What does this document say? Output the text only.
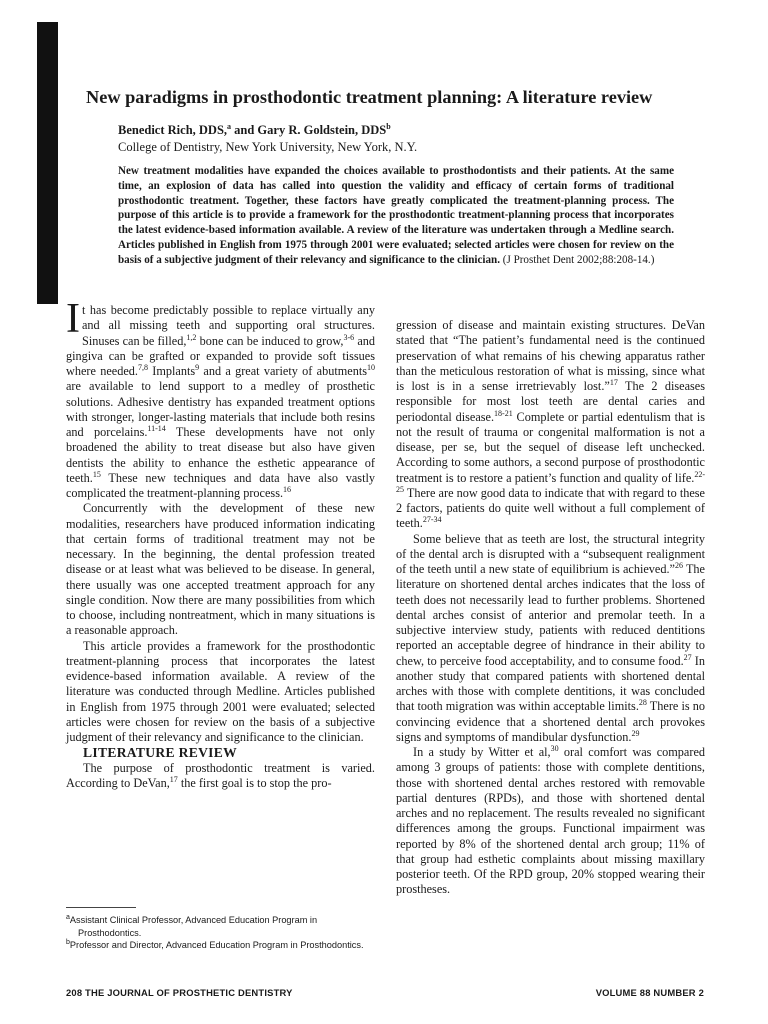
New paradigms in prosthodontic treatment planning: A literature review
Benedict Rich, DDS,$^a$ and Gary R. Goldstein, DDS$^b$
College of Dentistry, New York University, New York, N.Y.
New treatment modalities have expanded the choices available to prosthodontists and their patients. At the same time, an explosion of data has called into question the validity and efficacy of certain forms of traditional prosthodontic treatment. Together, these factors have greatly complicated the treatment-planning process. The purpose of this article is to provide a framework for the prosthodontic treatment-planning process that incorporates the latest evidence-based information available. A review of the literature was undertaken through a Medline search. Articles published in English from 1975 through 2001 were evaluated; selected articles were chosen for review on the basis of a subjective judgment of their relevancy and significance to the clinician. (J Prosthet Dent 2002;88:208-14.)

It has become predictably possible to replace virtually any and all missing teeth and supporting oral structures. Sinuses can be filled,$^{1,2}$ bone can be induced to grow,$^{3-6}$ and gingiva can be grafted or expanded to provide soft tissues where needed.$^{7,8}$ Implants$^9$ and a great variety of abutments$^{10}$ are available to lend support to a medley of prosthetic solutions. Adhesive dentistry has expanded treatment options with stronger, longer-lasting materials that include both resins and porcelains.$^{11-14}$ These developments have not only broadened the ability to treat disease but also have given dentists the ability to enhance the esthetic appearance of teeth.$^{15}$ These new techniques and data have also vastly complicated the treatment-planning process.$^{16}$

Concurrently with the development of these new modalities, researchers have produced information indicating that certain forms of traditional treatment may not be necessary. In the beginning, the dental profession treated disease or at least what was believed to be disease. In general, there usually was one accepted treatment approach for any single condition. Now there are many possibilities from which to choose, including nontreatment, which in many situations is a reasonable approach.

This article provides a framework for the prosthodontic treatment-planning process that incorporates the latest evidence-based information available. A review of the literature was conducted through Medline. Articles published in English from 1975 through 2001 were evaluated; selected articles were chosen for review on the basis of a subjective judgment of their relevancy and significance to the clinician.

LITERATURE REVIEW

The purpose of prosthodontic treatment is varied. According to DeVan,$^{17}$ the first goal is to stop the pro-

gression of disease and maintain existing structures. DeVan stated that “The patient’s fundamental need is the continued preservation of what remains of his chewing apparatus rather than the meticulous restoration of what is missing, since what is lost is in a sense irretrievably lost.”$^{17}$ The 2 diseases responsible for most lost teeth are dental caries and periodontal disease.$^{18-21}$ Complete or partial edentulism that is not the result of trauma or congenital malformation is not a disease, per se, but the sequel of disease left unchecked. According to some authors, a second purpose of prosthodontic treatment is to restore a patient’s function and quality of life.$^{22-25}$ There are now good data to indicate that with regard to these 2 factors, patients do quite well without a full complement of teeth.$^{27-34}$

Some believe that as teeth are lost, the structural integrity of the dental arch is disrupted with a “subsequent realignment of the teeth until a new state of equilibrium is achieved.”$^{26}$ The literature on shortened dental arches indicates that the loss of teeth does not necessarily lead to further problems. Shortened dental arches consist of anterior and premolar teeth. In a subjective interview study, patients with reduced dentitions reported an acceptable degree of hindrance in their ability to chew, to perceive food acceptability, and to consume food.$^{27}$ In another study that compared patients with shortened dental arches with those with complete dentitions, it was concluded that tooth migration was within acceptable limits.$^{28}$ There is no convincing evidence that a shortened dental arch provokes signs and symptoms of mandibular dysfunction.$^{29}$

In a study by Witter et al,$^{30}$ oral comfort was compared among 3 groups of patients: those with complete dentitions, those with shortened dental arches restored with removable partial dentures (RPDs), and those with shortened dental arches and no replacement. The results revealed no significant differences among the groups. Functional impairment was reported by 8% of the shortened dental arch group; 11% of that group had esthetic complaints about missing maxillary posterior teeth. Of the RPD group, 20% stopped wearing their prostheses.

$^a$Assistant Clinical Professor, Advanced Education Program in Prosthodontics.
$^b$Professor and Director, Advanced Education Program in Prosthodontics.
208 THE JOURNAL OF PROSTHETIC DENTISTRY	VOLUME 88 NUMBER 2
